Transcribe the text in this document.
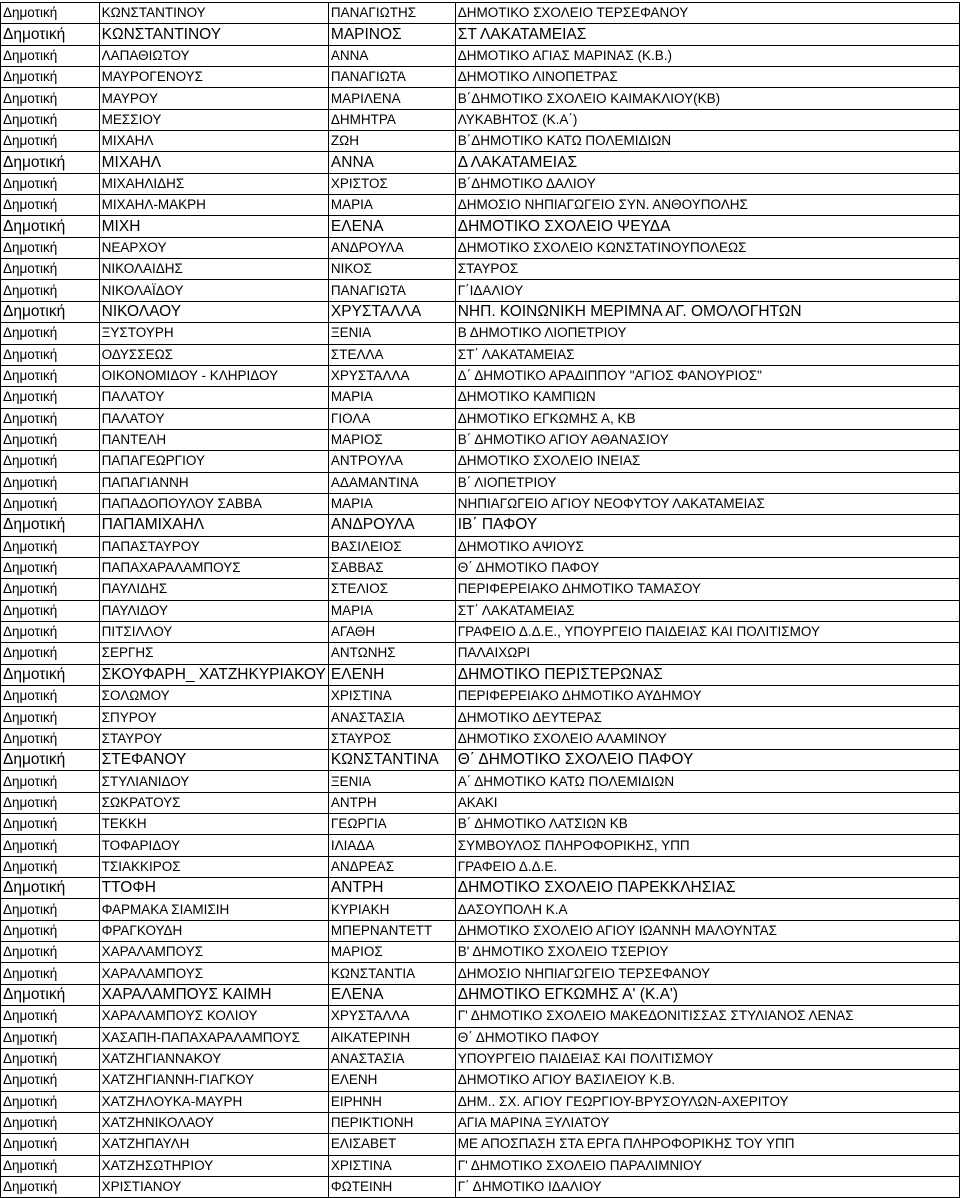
Δημοτική	ΚΩΝΣΤΑΝΤΙΝΟΥ	ΠΑΝΑΓΙΩΤΗΣ	ΔΗΜΟΤΙΚΟ ΣΧΟΛΕΙΟ ΤΕΡΣΕΦΑΝΟΥ
Δημοτική	ΚΩΝΣΤΑΝΤΙΝΟΥ	ΜΑΡΙΝΟΣ	ΣΤ ΛΑΚΑΤΑΜΕΙΑΣ
Δημοτική	ΛΑΠΑΘΙΩΤΟΥ	ΑΝΝΑ	ΔΗΜΟΤΙΚΟ ΑΓΙΑΣ ΜΑΡΙΝΑΣ (Κ.Β.)
Δημοτική	ΜΑΥΡΟΓΕΝΟΥΣ	ΠΑΝΑΓΙΩΤΑ	ΔΗΜΟΤΙΚΟ ΛΙΝΟΠΕΤΡΑΣ
Δημοτική	ΜΑΥΡΟΥ	ΜΑΡΙΛΕΝΑ	Β΄ΔΗΜΟΤΙΚΟ ΣΧΟΛΕΙΟ ΚΑΙΜΑΚΛΙΟΥ(ΚΒ)
Δημοτική	ΜΕΣΣΙΟΥ	ΔΗΜΗΤΡΑ	ΛΥΚΑΒΗΤΟΣ (Κ.Α΄)
Δημοτική	ΜΙΧΑΗΛ	ΖΩΗ	Β΄ΔΗΜΟΤΙΚΟ ΚΑΤΩ ΠΟΛΕΜΙΔΙΩΝ
Δημοτική	ΜΙΧΑΗΛ	ΑΝΝΑ	Δ ΛΑΚΑΤΑΜΕΙΑΣ
Δημοτική	ΜΙΧΑΗΛΙΔΗΣ	ΧΡΙΣΤΟΣ	Β΄ΔΗΜΟΤΙΚΟ ΔΑΛΙΟΥ
Δημοτική	ΜΙΧΑΗΛ-ΜΑΚΡΗ	ΜΑΡΙΑ	ΔΗΜΟΣΙΟ ΝΗΠΙΑΓΩΓΕΙΟ ΣΥΝ. ΑΝΘΟΥΠΟΛΗΣ
Δημοτική	ΜΙΧΗ	ΕΛΕΝΑ	ΔΗΜΟΤΙΚΟ ΣΧΟΛΕΙΟ ΨΕΥΔΑ
Δημοτική	ΝΕΑΡΧΟΥ	ΑΝΔΡΟΥΛΑ	ΔΗΜΟΤΙΚΟ ΣΧΟΛΕΙΟ ΚΩΝΣΤΑΤΙΝΟΥΠΟΛΕΩΣ
Δημοτική	ΝΙΚΟΛΑΙΔΗΣ	ΝΙΚΟΣ	ΣΤΑΥΡΟΣ
Δημοτική	ΝΙΚΟΛΑΪΔΟΥ	ΠΑΝΑΓΙΩΤΑ	Γ΄ΙΔΑΛΙΟΥ
Δημοτική	ΝΙΚΟΛΑΟΥ	ΧΡΥΣΤΑΛΛΑ	ΝΗΠ. ΚΟΙΝΩΝΙΚΗ ΜΕΡΙΜΝΑ ΑΓ. ΟΜΟΛΟΓΗΤΩΝ
Δημοτική	ΞΥΣΤΟΥΡΗ	ΞΕΝΙΑ	Β ΔΗΜΟΤΙΚΟ ΛΙΟΠΕΤΡΙΟΥ
Δημοτική	ΟΔΥΣΣΕΩΣ	ΣΤΕΛΛΑ	ΣΤ΄ ΛΑΚΑΤΑΜΕΙΑΣ
Δημοτική	ΟΙΚΟΝΟΜΙΔΟΥ - ΚΛΗΡΙΔΟΥ	ΧΡΥΣΤΑΛΛΑ	Δ΄ ΔΗΜΟΤΙΚΟ ΑΡΑΔΙΠΠΟΥ "ΑΓΙΟΣ ΦΑΝΟΥΡΙΟΣ"
Δημοτική	ΠΑΛΑΤΟΥ	ΜΑΡΙΑ	ΔΗΜΟΤΙΚΟ ΚΑΜΠΙΩΝ
Δημοτική	ΠΑΛΑΤΟΥ	ΓΙΟΛΑ	ΔΗΜΟΤΙΚΟ ΕΓΚΩΜΗΣ Α, ΚΒ
Δημοτική	ΠΑΝΤΕΛΗ	ΜΑΡΙΟΣ	Β΄ ΔΗΜΟΤΙΚΟ ΑΓΙΟΥ ΑΘΑΝΑΣΙΟΥ
Δημοτική	ΠΑΠΑΓΕΩΡΓΙΟΥ	ΑΝΤΡΟΥΛΑ	ΔΗΜΟΤΙΚΟ ΣΧΟΛΕΙΟ ΙΝΕΙΑΣ
Δημοτική	ΠΑΠΑΓΙΑΝΝΗ	ΑΔΑΜΑΝΤΙΝΑ	Β΄ ΛΙΟΠΕΤΡΙΟΥ
Δημοτική	ΠΑΠΑΔΟΠΟΥΛΟΥ ΣΑΒΒΑ	ΜΑΡΙΑ	ΝΗΠΙΑΓΩΓΕΙΟ ΑΓΙΟΥ ΝΕΟΦΥΤΟΥ ΛΑΚΑΤΑΜΕΙΑΣ
Δημοτική	ΠΑΠΑΜΙΧΑΗΛ	ΑΝΔΡΟΥΛΑ	ΙΒ΄ ΠΑΦΟΥ
Δημοτική	ΠΑΠΑΣΤΑΥΡΟΥ	ΒΑΣΙΛΕΙΟΣ	ΔΗΜΟΤΙΚΟ ΑΨΙΟΥΣ
Δημοτική	ΠΑΠΑΧΑΡΑΛΑΜΠΟΥΣ	ΣΑΒΒΑΣ	Θ΄ ΔΗΜΟΤΙΚΟ ΠΑΦΟΥ
Δημοτική	ΠΑΥΛΙΔΗΣ	ΣΤΕΛΙΟΣ	ΠΕΡΙΦΕΡΕΙΑΚΟ ΔΗΜΟΤΙΚΟ ΤΑΜΑΣΟΥ
Δημοτική	ΠΑΥΛΙΔΟΥ	ΜΑΡΙΑ	ΣΤ΄ ΛΑΚΑΤΑΜΕΙΑΣ
Δημοτική	ΠΙΤΣΙΛΛΟΥ	ΑΓΑΘΗ	ΓΡΑΦΕΙΟ Δ.Δ.Ε., ΥΠΟΥΡΓΕΙΟ ΠΑΙΔΕΙΑΣ ΚΑΙ ΠΟΛΙΤΙΣΜΟΥ
Δημοτική	ΣΕΡΓΗΣ	ΑΝΤΩΝΗΣ	ΠΑΛΑΙΧΩΡΙ
Δημοτική	ΣΚΟΥΦΑΡΗ_ ΧΑΤΖΗΚΥΡΙΑΚΟΥ	ΕΛΕΝΗ	ΔΗΜΟΤΙΚΟ ΠΕΡΙΣΤΕΡΩΝΑΣ
Δημοτική	ΣΟΛΩΜΟΥ	ΧΡΙΣΤΙΝΑ	ΠΕΡΙΦΕΡΕΙΑΚΟ ΔΗΜΟΤΙΚΟ ΑΥΔΗΜΟΥ
Δημοτική	ΣΠΥΡΟΥ	ΑΝΑΣΤΑΣΙΑ	ΔΗΜΟΤΙΚΟ ΔΕΥΤΕΡΑΣ
Δημοτική	ΣΤΑΥΡΟΥ	ΣΤΑΥΡΟΣ	ΔΗΜΟΤΙΚΟ ΣΧΟΛΕΙΟ ΑΛΑΜΙΝΟΥ
Δημοτική	ΣΤΕΦΑΝΟΥ	ΚΩΝΣΤΑΝΤΙΝΑ	Θ΄ ΔΗΜΟΤΙΚΟ ΣΧΟΛΕΙΟ ΠΑΦΟΥ
Δημοτική	ΣΤΥΛΙΑΝΙΔΟΥ	ΞΕΝΙΑ	Α΄ ΔΗΜΟΤΙΚΟ ΚΑΤΩ ΠΟΛΕΜΙΔΙΩΝ
Δημοτική	ΣΩΚΡΑΤΟΥΣ	ΑΝΤΡΗ	ΑΚΑΚΙ
Δημοτική	ΤΕΚΚΗ	ΓΕΩΡΓΙΑ	Β΄ ΔΗΜΟΤΙΚΟ ΛΑΤΣΙΩΝ ΚΒ
Δημοτική	ΤΟΦΑΡΙΔΟΥ	ΙΛΙΑΔΑ	ΣΥΜΒΟΥΛΟΣ ΠΛΗΡΟΦΟΡΙΚΗΣ, ΥΠΠ
Δημοτική	ΤΣΙΑΚΚΙΡΟΣ	ΑΝΔΡΕΑΣ	ΓΡΑΦΕΙΟ Δ.Δ.Ε.
Δημοτική	ΤΤΟΦΗ	ΑΝΤΡΗ	ΔΗΜΟΤΙΚΟ ΣΧΟΛΕΙΟ ΠΑΡΕΚΚΛΗΣΙΑΣ
Δημοτική	ΦΑΡΜΑΚΑ ΣΙΑΜΙΣΙΗ	ΚΥΡΙΑΚΗ	ΔΑΣΟΥΠΟΛΗ Κ.Α
Δημοτική	ΦΡΑΓΚΟΥΔΗ	ΜΠΕΡΝΑΝΤΕΤΤ	ΔΗΜΟΤΙΚΟ ΣΧΟΛΕΙΟ ΑΓΙΟΥ ΙΩΑΝΝΗ ΜΑΛΟΥΝΤΑΣ
Δημοτική	ΧΑΡΑΛΑΜΠΟΥΣ	ΜΑΡΙΟΣ	Β' ΔΗΜΟΤΙΚΟ ΣΧΟΛΕΙΟ ΤΣΕΡΙΟΥ
Δημοτική	ΧΑΡΑΛΑΜΠΟΥΣ	ΚΩΝΣΤΑΝΤΙΑ	ΔΗΜΟΣΙΟ ΝΗΠΙΑΓΩΓΕΙΟ ΤΕΡΣΕΦΑΝΟΥ
Δημοτική	ΧΑΡΑΛΑΜΠΟΥΣ ΚΑΙΜΗ	ΕΛΕΝΑ	ΔΗΜΟΤΙΚΟ ΕΓΚΩΜΗΣ Α' (Κ.Α')
Δημοτική	ΧΑΡΑΛΑΜΠΟΥΣ ΚΟΛΙΟΥ	ΧΡΥΣΤΑΛΛΑ	Γ' ΔΗΜΟΤΙΚΟ ΣΧΟΛΕΙΟ ΜΑΚΕΔΟΝΙΤΙΣΣΑΣ ΣΤΥΛΙΑΝΟΣ ΛΕΝΑΣ
Δημοτική	ΧΑΣΑΠΗ-ΠΑΠΑΧΑΡΑΛΑΜΠΟΥΣ	ΑΙΚΑΤΕΡΙΝΗ	Θ΄ ΔΗΜΟΤΙΚΟ ΠΑΦΟΥ
Δημοτική	ΧΑΤΖΗΓΙΑΝΝΑΚΟΥ	ΑΝΑΣΤΑΣΙΑ	ΥΠΟΥΡΓΕΙΟ ΠΑΙΔΕΙΑΣ ΚΑΙ ΠΟΛΙΤΙΣΜΟΥ
Δημοτική	ΧΑΤΖΗΓΙΑΝΝΗ-ΓΙΑΓΚΟΥ	ΕΛΕΝΗ	ΔΗΜΟΤΙΚΟ ΑΓΙΟΥ ΒΑΣΙΛΕΙΟΥ Κ.Β.
Δημοτική	ΧΑΤΖΗΛΟΥΚΑ-ΜΑΥΡΗ	ΕΙΡΗΝΗ	ΔΗΜ.. ΣΧ. ΑΓΙΟΥ ΓΕΩΡΓΙΟΥ-ΒΡΥΣΟΥΛΩΝ-ΑΧΕΡΙΤΟΥ
Δημοτική	ΧΑΤΖΗΝΙΚΟΛΑΟΥ	ΠΕΡΙΚΤΙΟΝΗ	ΑΓΙΑ ΜΑΡΙΝΑ ΞΥΛΙΑΤΟΥ
Δημοτική	ΧΑΤΖΗΠΑΥΛΗ	ΕΛΙΣΑΒΕΤ	ΜΕ ΑΠΟΣΠΑΣΗ ΣΤΑ ΕΡΓΑ ΠΛΗΡΟΦΟΡΙΚΗΣ ΤΟΥ ΥΠΠ
Δημοτική	ΧΑΤΖΗΣΩΤΗΡΙΟΥ	ΧΡΙΣΤΙΝΑ	Γ' ΔΗΜΟΤΙΚΟ ΣΧΟΛΕΙΟ ΠΑΡΑΛΙΜΝΙΟΥ
Δημοτική	ΧΡΙΣΤΙΑΝΟΥ	ΦΩΤΕΙΝΗ	Γ΄ ΔΗΜΟΤΙΚΟ ΙΔΑΛΙΟΥ
